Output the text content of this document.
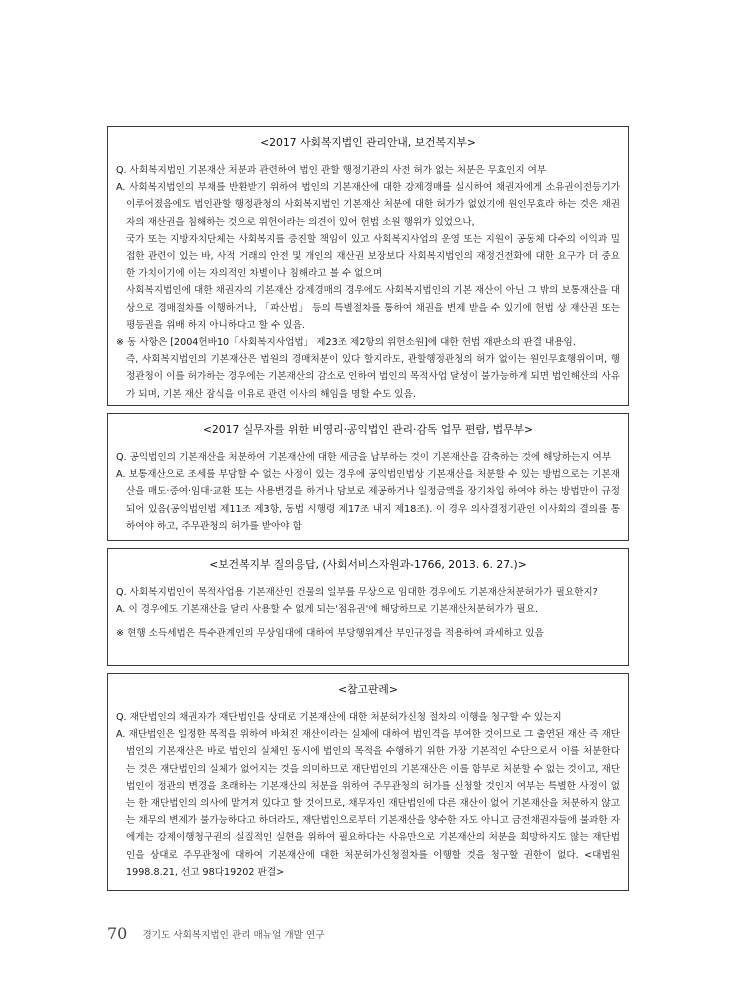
<2017 사회복지법인 관리안내, 보건복지부>
Q. 사회복지법인 기본재산 처분과 관련하여 법인 관할 행정기관의 사전 허가 없는 처분은 무효인지 여부
A. 사회복지법인의 부채를 반환받기 위하여 법인의 기본재산에 대한 강제경매를 실시하여 채권자에게 소유권이전등기가 이루어졌음에도 법인관할 행정관청의 사회복지법인 기본재산 처분에 대한 허가가 없었기에 원인무효라 하는 것은 채권자의 재산권을 침해하는 것으로 위헌이라는 의견이 있어 헌법 소원 행위가 있었으나,
국가 또는 지방자치단체는 사회복지를 증진할 책임이 있고 사회복지사업의 운영 또는 지원이 공동체 다수의 이익과 밀접한 관련이 있는 바, 사적 거래의 안전 및 개인의 재산권 보장보다 사회복지법인의 재정건전화에 대한 요구가 더 중요한 가치이기에 이는 자의적인 차별이나 침해라고 볼 수 없으며
사회복지법인에 대한 채권자의 기본재산 강제경매의 경우에도 사회복지법인의 기본 재산이 아닌 그 밖의 보통재산을 대상으로 경매절차를 이행하거나, 「파산법」 등의 특별절차를 통하여 채권을 변제 받을 수 있기에 헌법 상 재산권 또는 평등권을 위배 하지 아니하다고 할 수 있음.
※ 동 사항은 [2004헌바10「사회복지사업법」 제23조 제2항의 위헌소원]에 대한 헌법 재판소의 판결 내용임.
즉, 사회복지법인의 기본재산은 법원의 경매처분이 있다 할지라도, 관할행정관청의 허가 없이는 원인무효행위이며, 행정관청이 이를 허가하는 경우에는 기본재산의 감소로 인하여 법인의 목적사업 달성이 불가능하게 되면 법인해산의 사유가 되며, 기본 재산 잠식을 이유로 관련 이사의 해임을 명할 수도 있음.
<2017 실무자를 위한 비영리·공익법인 관리·감독 업무 편람, 법무부>
Q. 공익법인의 기본재산을 처분하여 기본재산에 대한 세금을 납부하는 것이 기본재산을 감축하는 것에 해당하는지 여부
A. 보통재산으로 조세를 부담할 수 없는 사정이 있는 경우에 공익법인법상 기본재산을 처분할 수 있는 방법으로는 기본재산을 매도·증여·임대·교환 또는 사용변경을 하거나 담보로 제공하거나 일정금액을 장기차입 하여야 하는 방법만이 규정되어 있음(공익법인법 제11조 제3항, 동법 시행령 제17조 내지 제18조). 이 경우 의사결정기관인 이사회의 결의를 통하여야 하고, 주무관청의 허가를 받아야 함
<보건복지부 질의응답, (사회서비스자원과-1766, 2013. 6. 27.)>
Q. 사회복지법인이 목적사업용 기본재산인 건물의 일부를 무상으로 임대한 경우에도 기본재산처분허가가 필요한지?
A. 이 경우에도 기본재산을 달리 사용할 수 없게 되는'점유권'에 해당하므로 기본재산처분허가가 필요.
※ 현행 소득세법은 특수관계인의 무상임대에 대하여 부당행위계산 부인규정을 적용하여 과세하고 있음
<참고판례>
Q. 재단법인의 채권자가 재단법인을 상대로 기본재산에 대한 처분허가신청 절차의 이행을 청구할 수 있는지
A. 재단법인은 일정한 목적을 위하여 바쳐진 재산이라는 실체에 대하여 법인격을 부여한 것이므로 그 출연된 재산 즉 재단법인의 기본재산은 바로 법인의 실체인 동시에 법인의 목적을 수행하기 위한 가장 기본적인 수단으로서 이를 처분한다는 것은 재단법인의 실체가 없어지는 것을 의미하므로 재단법인의 기본재산은 이를 함부로 처분할 수 없는 것이고, 재단법인이 정관의 변경을 초래하는 기본재산의 처분을 위하여 주무관청의 허가를 신청할 것인지 여부는 특별한 사정이 없는 한 재단법인의 의사에 맡겨져 있다고 할 것이므로, 채무자인 재단법인에 다른 재산이 없어 기본재산을 처분하지 않고는 채무의 변제가 불가능하다고 하더라도, 재단법인으로부터 기본재산을 양수한 자도 아니고 금전채권자들에 불과한 자에게는 강제이행청구권의 실질적인 실현을 위하여 필요하다는 사유만으로 기본재산의 처분을 희망하지도 않는 재단법인을 상대로 주무관청에 대하여 기본재산에 대한 처분허가신청절차를 이행할 것을 청구할 권한이 없다. <대법원 1998.8.21, 선고 98다19202 판결>
70 경기도 사회복지법인 관리 매뉴얼 개발 연구
